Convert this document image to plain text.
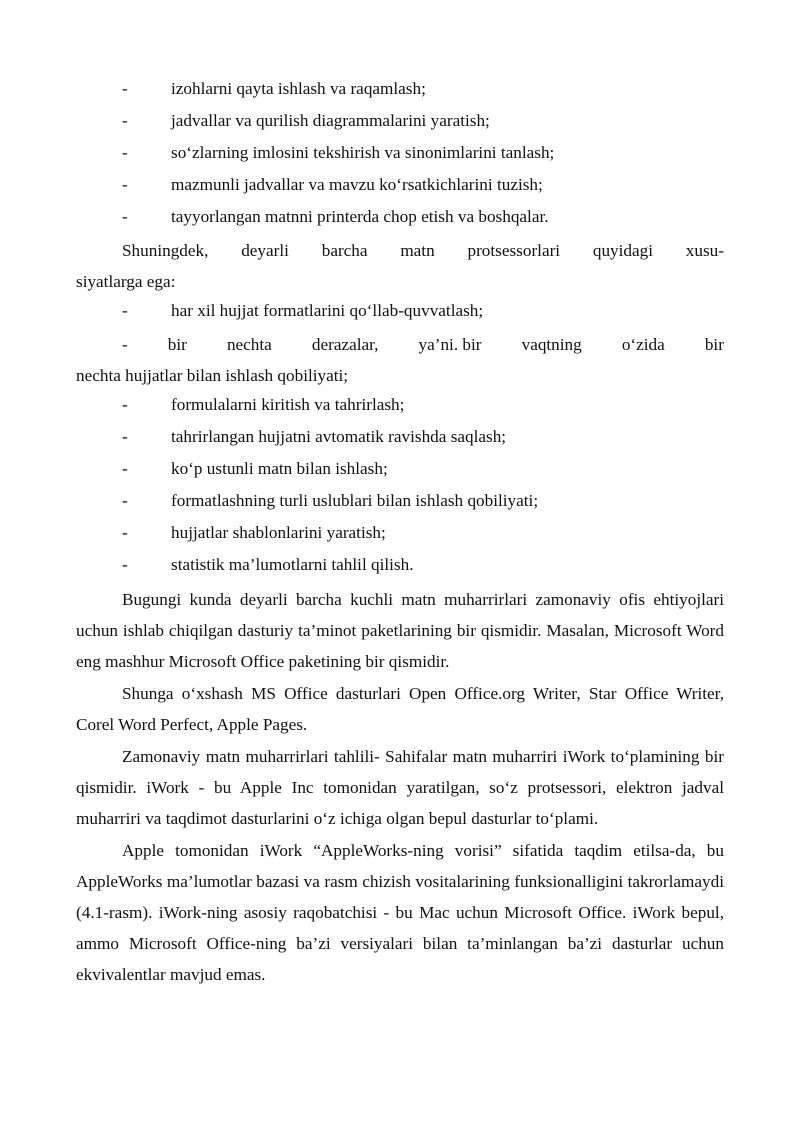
-	izohlarni qayta ishlash va raqamlash;
-	jadvallar va qurilish diagrammalarini yaratish;
-	so‘zlarning imlosini tekshirish va sinonimlarini tanlash;
-	mazmunli jadvallar va mavzu ko‘rsatkichlarini tuzish;
-	tayyorlangan matnni printerda chop etish va boshqalar.
Shuningdek, deyarli barcha matn protsessorlari quyidagi xusu-
siyatlarga ega:
-	har xil hujjat formatlarini qo‘llab-quvvatlash;
- bir nechta derazalar, ya’ni. bir vaqtning o‘zida bir
nechta hujjatlar bilan ishlash qobiliyati;
-	formulalarni kiritish va tahrirlash;
-	tahrirlangan hujjatni avtomatik ravishda saqlash;
-	ko‘p ustunli matn bilan ishlash;
-	formatlashning turli uslublari bilan ishlash qobiliyati;
-	hujjatlar shablonlarini yaratish;
-	statistik ma’lumotlarni tahlil qilish.

Bugungi kunda deyarli barcha kuchli matn muharrirlari zamonaviy ofis ehtiyojlari uchun ishlab chiqilgan dasturiy ta’minot paketlarining bir qismidir. Masalan, Microsoft Word eng mashhur Microsoft Office paketining bir qismidir.

Shunga o‘xshash MS Office dasturlari Open Office.org Writer, Star Office Writer, Corel Word Perfect, Apple Pages.

Zamonaviy matn muharrirlari tahlili- Sahifalar matn muharriri iWork to‘plamining bir qismidir. iWork - bu Apple Inc tomonidan yaratilgan, so‘z protsessori, elektron jadval muharriri va taqdimot dasturlarini o‘z ichiga olgan bepul dasturlar to‘plami.

Apple tomonidan iWork “AppleWorks-ning vorisi” sifatida taqdim etilsa-da, bu AppleWorks ma’lumotlar bazasi va rasm chizish vositalarining funksionalligini takrorlamaydi (4.1-rasm). iWork-ning asosiy raqobatchisi - bu Mac uchun Microsoft Office. iWork bepul, ammo Microsoft Office-ning ba’zi versiyalari bilan ta’minlangan ba’zi dasturlar uchun ekvivalentlar mavjud emas.
